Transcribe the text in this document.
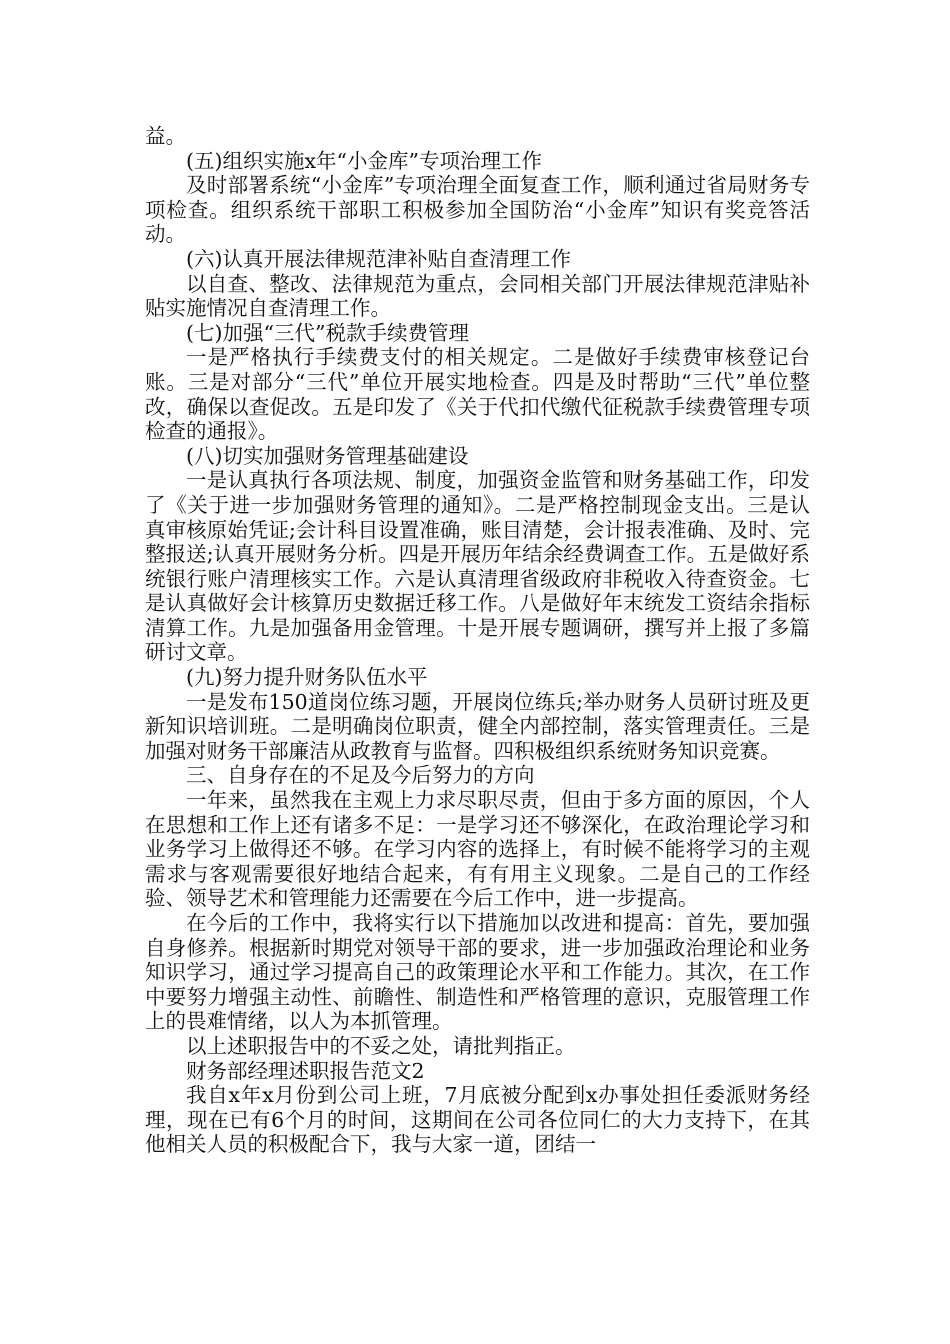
益。

(五)组织实施x年“小金库”专项治理工作

及时部署系统“小金库”专项治理全面复查工作，顺利通过省局财务专项检查。组织系统干部职工积极参加全国防治“小金库”知识有奖竞答活动。

(六)认真开展法律规范津补贴自查清理工作

以自查、整改、法律规范为重点，会同相关部门开展法律规范津贴补贴实施情况自查清理工作。

(七)加强“三代”税款手续费管理

一是严格执行手续费支付的相关规定。二是做好手续费审核登记台账。三是对部分“三代”单位开展实地检查。四是及时帮助“三代”单位整改，确保以查促改。五是印发了《关于代扣代缴代征税款手续费管理专项检查的通报》。

(八)切实加强财务管理基础建设

一是认真执行各项法规、制度，加强资金监管和财务基础工作，印发了《关于进一步加强财务管理的通知》。二是严格控制现金支出。三是认真审核原始凭证;会计科目设置准确，账目清楚，会计报表准确、及时、完整报送;认真开展财务分析。四是开展历年结余经费调查工作。五是做好系统银行账户清理核实工作。六是认真清理省级政府非税收入待查资金。七是认真做好会计核算历史数据迁移工作。八是做好年末统发工资结余指标清算工作。九是加强备用金管理。十是开展专题调研，撰写并上报了多篇研讨文章。

(九)努力提升财务队伍水平

一是发布150道岗位练习题，开展岗位练兵;举办财务人员研讨班及更新知识培训班。二是明确岗位职责，健全内部控制，落实管理责任。三是加强对财务干部廉洁从政教育与监督。四积极组织系统财务知识竞赛。

三、自身存在的不足及今后努力的方向

一年来，虽然我在主观上力求尽职尽责，但由于多方面的原因，个人在思想和工作上还有诸多不足：一是学习还不够深化，在政治理论学习和业务学习上做得还不够。在学习内容的选择上，有时候不能将学习的主观需求与客观需要很好地结合起来，有有用主义现象。二是自己的工作经验、领导艺术和管理能力还需要在今后工作中，进一步提高。

在今后的工作中，我将实行以下措施加以改进和提高：首先，要加强自身修养。根据新时期党对领导干部的要求，进一步加强政治理论和业务知识学习，通过学习提高自己的政策理论水平和工作能力。其次，在工作中要努力增强主动性、前瞻性、制造性和严格管理的意识，克服管理工作上的畏难情绪，以人为本抓管理。

以上述职报告中的不妥之处，请批判指正。

财务部经理述职报告范文2

我自x年x月份到公司上班，7月底被分配到x办事处担任委派财务经理，现在已有6个月的时间，这期间在公司各位同仁的大力支持下，在其他相关人员的积极配合下，我与大家一道，团结一
